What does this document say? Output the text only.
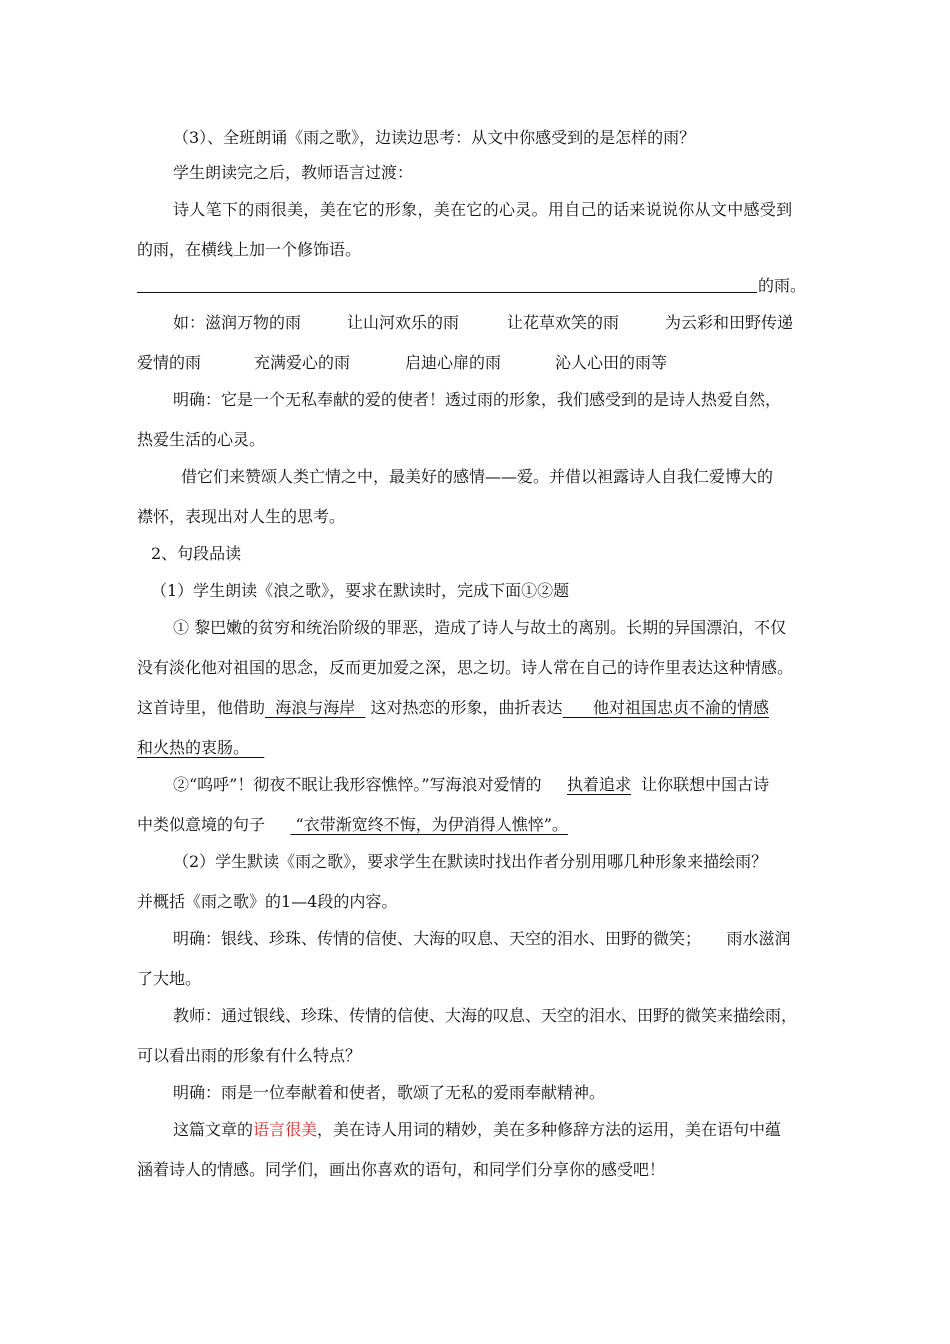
（3）、全班朗诵《雨之歌》，边读边思考：从文中你感受到的是怎样的雨？
学生朗读完之后，教师语言过渡：
诗人笔下的雨很美，美在它的形象，美在它的心灵。用自己的话来说说你从文中感受到
的雨，在横线上加一个修饰语。
的雨。
如：滋润万物的雨	让山河欢乐的雨	让花草欢笑的雨	为云彩和田野传递
爱情的雨	充满爱心的雨	启迪心扉的雨	沁人心田的雨等
明确：它是一个无私奉献的爱的使者！透过雨的形象，我们感受到的是诗人热爱自然，
热爱生活的心灵。
借它们来赞颂人类亡情之中，最美好的感情——爱。并借以袒露诗人自我仁爱博大的
襟怀，表现出对人生的思考。
2、句段品读
（1）学生朗读《浪之歌》，要求在默读时，完成下面①②题
① 黎巴嫩的贫穷和统治阶级的罪恶，造成了诗人与故土的离别。长期的异国漂泊，不仅
没有淡化他对祖国的思念，反而更加爱之深，思之切。诗人常在自己的诗作里表达这种情感。
这首诗里，他借助 海浪与海岸 这对热恋的形象，曲折表达 他对祖国忠贞不渝的情感
和火热的衷肠。
②“呜呼”！彻夜不眠让我形容憔悴。”写海浪对爱情的 执着追求 让你联想中国古诗
中类似意境的句子 “衣带渐宽终不悔，为伊消得人憔悴”。
（2）学生默读《雨之歌》，要求学生在默读时找出作者分别用哪几种形象来描绘雨？
并概括《雨之歌》的1—4段的内容。
明确：银线、珍珠、传情的信使、大海的叹息、天空的泪水、田野的微笑； 雨水滋润
了大地。
教师：通过银线、珍珠、传情的信使、大海的叹息、天空的泪水、田野的微笑来描绘雨，
可以看出雨的形象有什么特点？
明确：雨是一位奉献着和使者，歌颂了无私的爱雨奉献精神。
这篇文章的语言很美，美在诗人用词的精妙，美在多种修辞方法的运用，美在语句中蕴
涵着诗人的情感。同学们，画出你喜欢的语句，和同学们分享你的感受吧！
